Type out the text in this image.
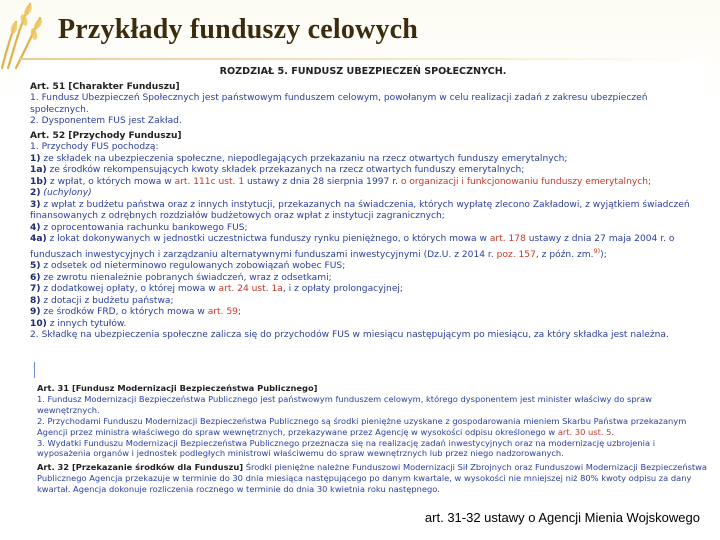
Przykłady funduszy celowych
ROZDZIAŁ 5. FUNDUSZ UBEZPIECZEŃ SPOŁECZNYCH.
Art. 51 [Charakter Funduszu]
1. Fundusz Ubezpieczeń Społecznych jest państwowym funduszem celowym, powołanym w celu realizacji zadań z zakresu ubezpieczeń społecznych.
2. Dysponentem FUS jest Zakład.
Art. 52 [Przychody Funduszu]
1. Przychody FUS pochodzą:
1) ze składek na ubezpieczenia społeczne, niepodlegających przekazaniu na rzecz otwartych funduszy emerytalnych;
1a) ze środków rekompensujących kwoty składek przekazanych na rzecz otwartych funduszy emerytalnych;
1b) z wpłat, o których mowa w art. 111c ust. 1 ustawy z dnia 28 sierpnia 1997 r. o organizacji i funkcjonowaniu funduszy emerytalnych;
2) (uchylony)
3) z wpłat z budżetu państwa oraz z innych instytucji, przekazanych na świadczenia, których wypłatę zlecono Zakładowi, z wyjątkiem świadczeń finansowanych z odrębnych rozdziałów budżetowych oraz wpłat z instytucji zagranicznych;
4) z oprocentowania rachunku bankowego FUS;
4a) z lokat dokonywanych w jednostki uczestnictwa funduszy rynku pieniężnego, o których mowa w art. 178 ustawy z dnia 27 maja 2004 r. o funduszach inwestycyjnych i zarządzaniu alternatywnymi funduszami inwestycyjnymi (Dz.U. z 2014 r. poz. 157, z późn. zm.$^{9)}$);
5) z odsetek od nieterminowo regulowanych zobowiązań wobec FUS;
6) ze zwrotu nienależnie pobranych świadczeń, wraz z odsetkami;
7) z dodatkowej opłaty, o której mowa w art. 24 ust. 1a, i z opłaty prolongacyjnej;
8) z dotacji z budżetu państwa;
9) ze środków FRD, o których mowa w art. 59;
10) z innych tytułów.
2. Składkę na ubezpieczenia społeczne zalicza się do przychodów FUS w miesiącu następującym po miesiącu, za który składka jest należna.
Art. 31 [Fundusz Modernizacji Bezpieczeństwa Publicznego]
1. Fundusz Modernizacji Bezpieczeństwa Publicznego jest państwowym funduszem celowym, którego dysponentem jest minister właściwy do spraw wewnętrznych.
2. Przychodami Funduszu Modernizacji Bezpieczeństwa Publicznego są środki pieniężne uzyskane z gospodarowania mieniem Skarbu Państwa przekazanym Agencji przez ministra właściwego do spraw wewnętrznych, przekazywane przez Agencję w wysokości odpisu określonego w art. 30 ust. 5.
3. Wydatki Funduszu Modernizacji Bezpieczeństwa Publicznego przeznacza się na realizację zadań inwestycyjnych oraz na modernizację uzbrojenia i wyposażenia organów i jednostek podległych ministrowi właściwemu do spraw wewnętrznych lub przez niego nadzorowanych.
Art. 32 [Przekazanie środków dla Funduszu] Środki pieniężne należne Funduszowi Modernizacji Sił Zbrojnych oraz Funduszowi Modernizacji Bezpieczeństwa Publicznego Agencja przekazuje w terminie do 30 dnia miesiąca następującego po danym kwartale, w wysokości nie mniejszej niż 80% kwoty odpisu za dany kwartał. Agencja dokonuje rozliczenia rocznego w terminie do dnia 30 kwietnia roku następnego.
art. 31-32 ustawy o Agencji Mienia Wojskowego
